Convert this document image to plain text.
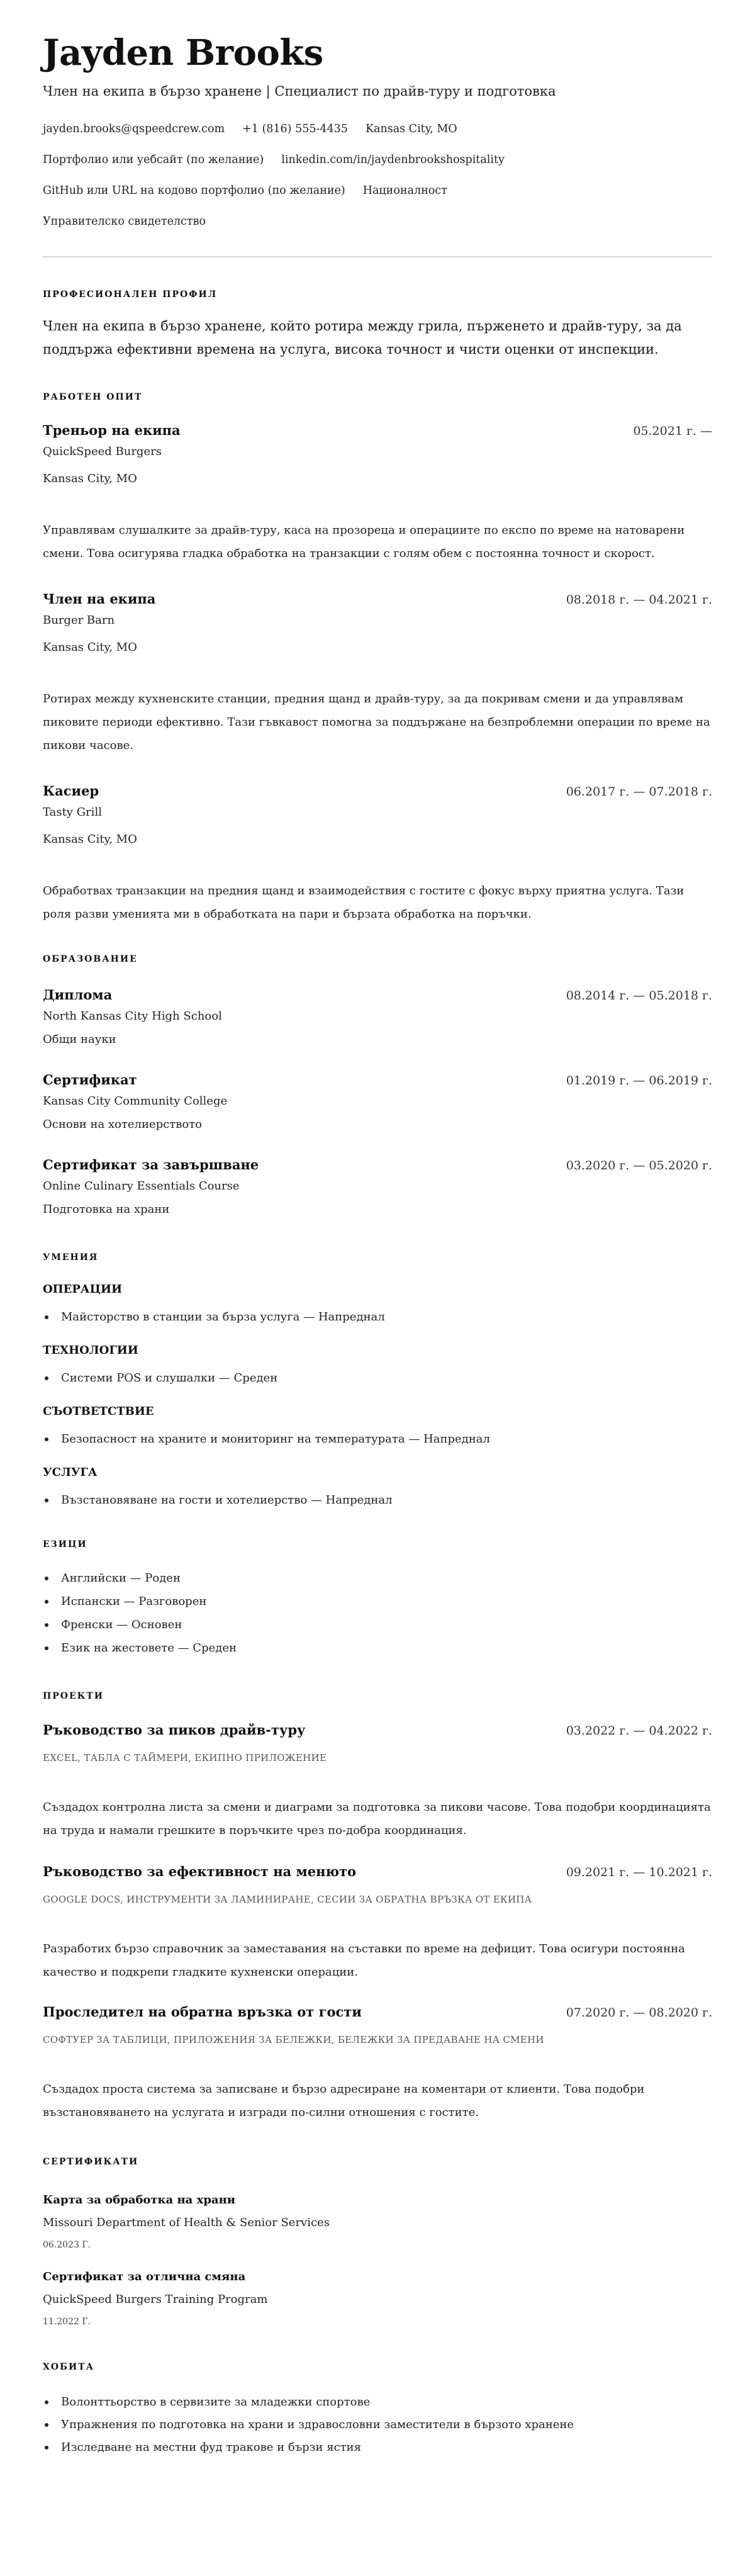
Jayden Brooks
Член на екипа в бързо хранене | Специалист по драйв-туру и подготовка
jayden.brooks@qspeedcrew.com +1 (816) 555-4435 Kansas City, MO
Портфолио или уебсайт (по желание) linkedin.com/in/jaydenbrookshospitality
GitHub или URL на кодово портфолио (по желание) Националност
Управителско свидетелство
ПРОФЕСИОНАЛЕН ПРОФИЛ
Член на екипа в бързо хранене, който ротира между грила, пърженето и драйв-туру, за да поддържа ефективни времена на услуга, висока точност и чисти оценки от инспекции.
РАБОТЕН ОПИТ
Треньор на екипа	05.2021 г. —
QuickSpeed Burgers
Kansas City, MO
Управлявам слушалките за драйв-туру, каса на прозореца и операциите по експо по време на натоварени смени. Това осигурява гладка обработка на транзакции с голям обем с постоянна точност и скорост.
Член на екипа	08.2018 г. — 04.2021 г.
Burger Barn
Kansas City, MO
Ротирах между кухненските станции, предния щанд и драйв-туру, за да покривам смени и да управлявам пиковите периоди ефективно. Тази гъвкавост помогна за поддържане на безпроблемни операции по време на пикови часове.
Касиер	06.2017 г. — 07.2018 г.
Tasty Grill
Kansas City, MO
Обработвах транзакции на предния щанд и взаимодействия с гостите с фокус върху приятна услуга. Тази роля разви уменията ми в обработката на пари и бързата обработка на поръчки.
ОБРАЗОВАНИЕ
Диплома	08.2014 г. — 05.2018 г.
North Kansas City High School
Общи науки
Сертификат	01.2019 г. — 06.2019 г.
Kansas City Community College
Основи на хотелиерството
Сертификат за завършване	03.2020 г. — 05.2020 г.
Online Culinary Essentials Course
Подготовка на храни
УМЕНИЯ
ОПЕРАЦИИ
Майсторство в станции за бърза услуга — Напреднал
ТЕХНОЛОГИИ
Системи POS и слушалки — Среден
СЪОТВЕТСТВИЕ
Безопасност на храните и мониторинг на температурата — Напреднал
УСЛУГА
Възстановяване на гости и хотелиерство — Напреднал
ЕЗИЦИ
Английски — Роден
Испански — Разговорен
Френски — Основен
Език на жестовете — Среден
ПРОЕКТИ
Ръководство за пиков драйв-туру	03.2022 г. — 04.2022 г.
EXCEL, ТАБЛА С ТАЙМЕРИ, ЕКИПНО ПРИЛОЖЕНИЕ
Създадох контролна листа за смени и диаграми за подготовка за пикови часове. Това подобри координацията на труда и намали грешките в поръчките чрез по-добра координация.
Ръководство за ефективност на менюто	09.2021 г. — 10.2021 г.
GOOGLE DOCS, ИНСТРУМЕНТИ ЗА ЛАМИНИРАНЕ, СЕСИИ ЗА ОБРАТНА ВРЪЗКА ОТ ЕКИПА
Разработих бързо справочник за заместавания на съставки по време на дефицит. Това осигури постоянна качество и подкрепи гладките кухненски операции.
Проследител на обратна връзка от гости	07.2020 г. — 08.2020 г.
СОФТУЕР ЗА ТАБЛИЦИ, ПРИЛОЖЕНИЯ ЗА БЕЛЕЖКИ, БЕЛЕЖКИ ЗА ПРЕДАВАНЕ НА СМЕНИ
Създадох проста система за записване и бързо адресиране на коментари от клиенти. Това подобри възстановяването на услугата и изгради по-силни отношения с гостите.
СЕРТИФИКАТИ
Карта за обработка на храни
Missouri Department of Health & Senior Services
06.2023 Г.
Сертификат за отлична смяна
QuickSpeed Burgers Training Program
11.2022 Г.
ХОБИТА
Волонттьорство в сервизите за младежки спортове
Упражнения по подготовка на храни и здравословни заместители в бързото хранене
Изследване на местни фуд тракове и бързи ястия
